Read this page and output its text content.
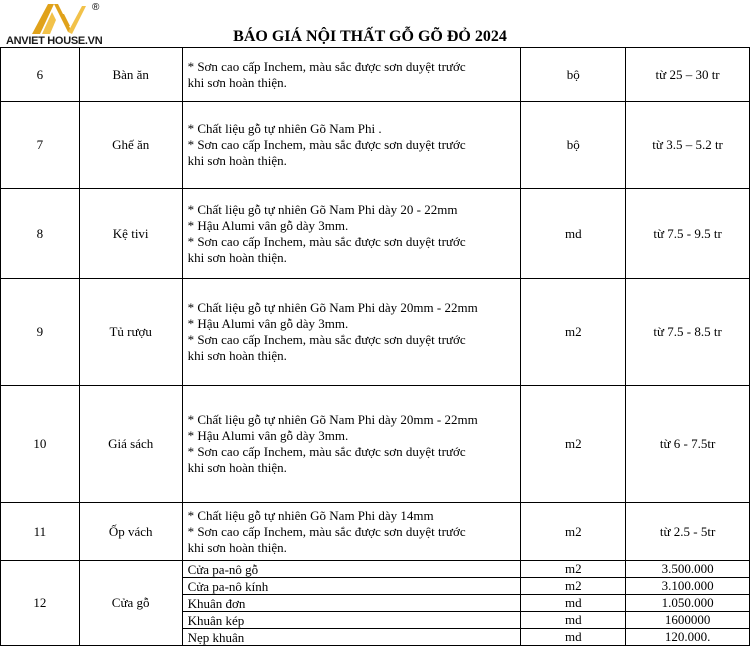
®
ANVIET HOUSE.VN	BÁO GIÁ NỘI THẤT GỖ GÕ ĐỎ 2024
6	Bàn ăn	* Sơn cao cấp Inchem, màu sắc được sơn duyệt trước
khi sơn hoàn thiện.	bộ	từ 25 – 30 tr
7	Ghế ăn	* Chất liệu gỗ tự nhiên Gõ Nam Phi .
* Sơn cao cấp Inchem, màu sắc được sơn duyệt trước
khi sơn hoàn thiện.	bộ	từ 3.5 – 5.2 tr
8	Kệ tivi	* Chất liệu gỗ tự nhiên Gõ Nam Phi dày 20 - 22mm
* Hậu Alumi vân gỗ dày 3mm.
* Sơn cao cấp Inchem, màu sắc được sơn duyệt trước
khi sơn hoàn thiện.	md	từ 7.5 - 9.5 tr
9	Tủ rượu	* Chất liệu gỗ tự nhiên Gõ Nam Phi dày 20mm - 22mm
* Hậu Alumi vân gỗ dày 3mm.
* Sơn cao cấp Inchem, màu sắc được sơn duyệt trước
khi sơn hoàn thiện.	m2	từ 7.5 - 8.5 tr
10	Giá sách	* Chất liệu gỗ tự nhiên Gõ Nam Phi dày 20mm - 22mm
* Hậu Alumi vân gỗ dày 3mm.
* Sơn cao cấp Inchem, màu sắc được sơn duyệt trước
khi sơn hoàn thiện.	m2	từ 6 - 7.5tr
11	Ốp vách	* Chất liệu gỗ tự nhiên Gõ Nam Phi dày 14mm
* Sơn cao cấp Inchem, màu sắc được sơn duyệt trước
khi sơn hoàn thiện.	m2	từ 2.5 - 5tr
12	Cửa gỗ	Cửa pa-nô gỗ	m2	3.500.000
		Cửa pa-nô kính	m2	3.100.000
		Khuân đơn	md	1.050.000
		Khuân kép	md	1600000
		Nẹp khuân	md	120.000.
